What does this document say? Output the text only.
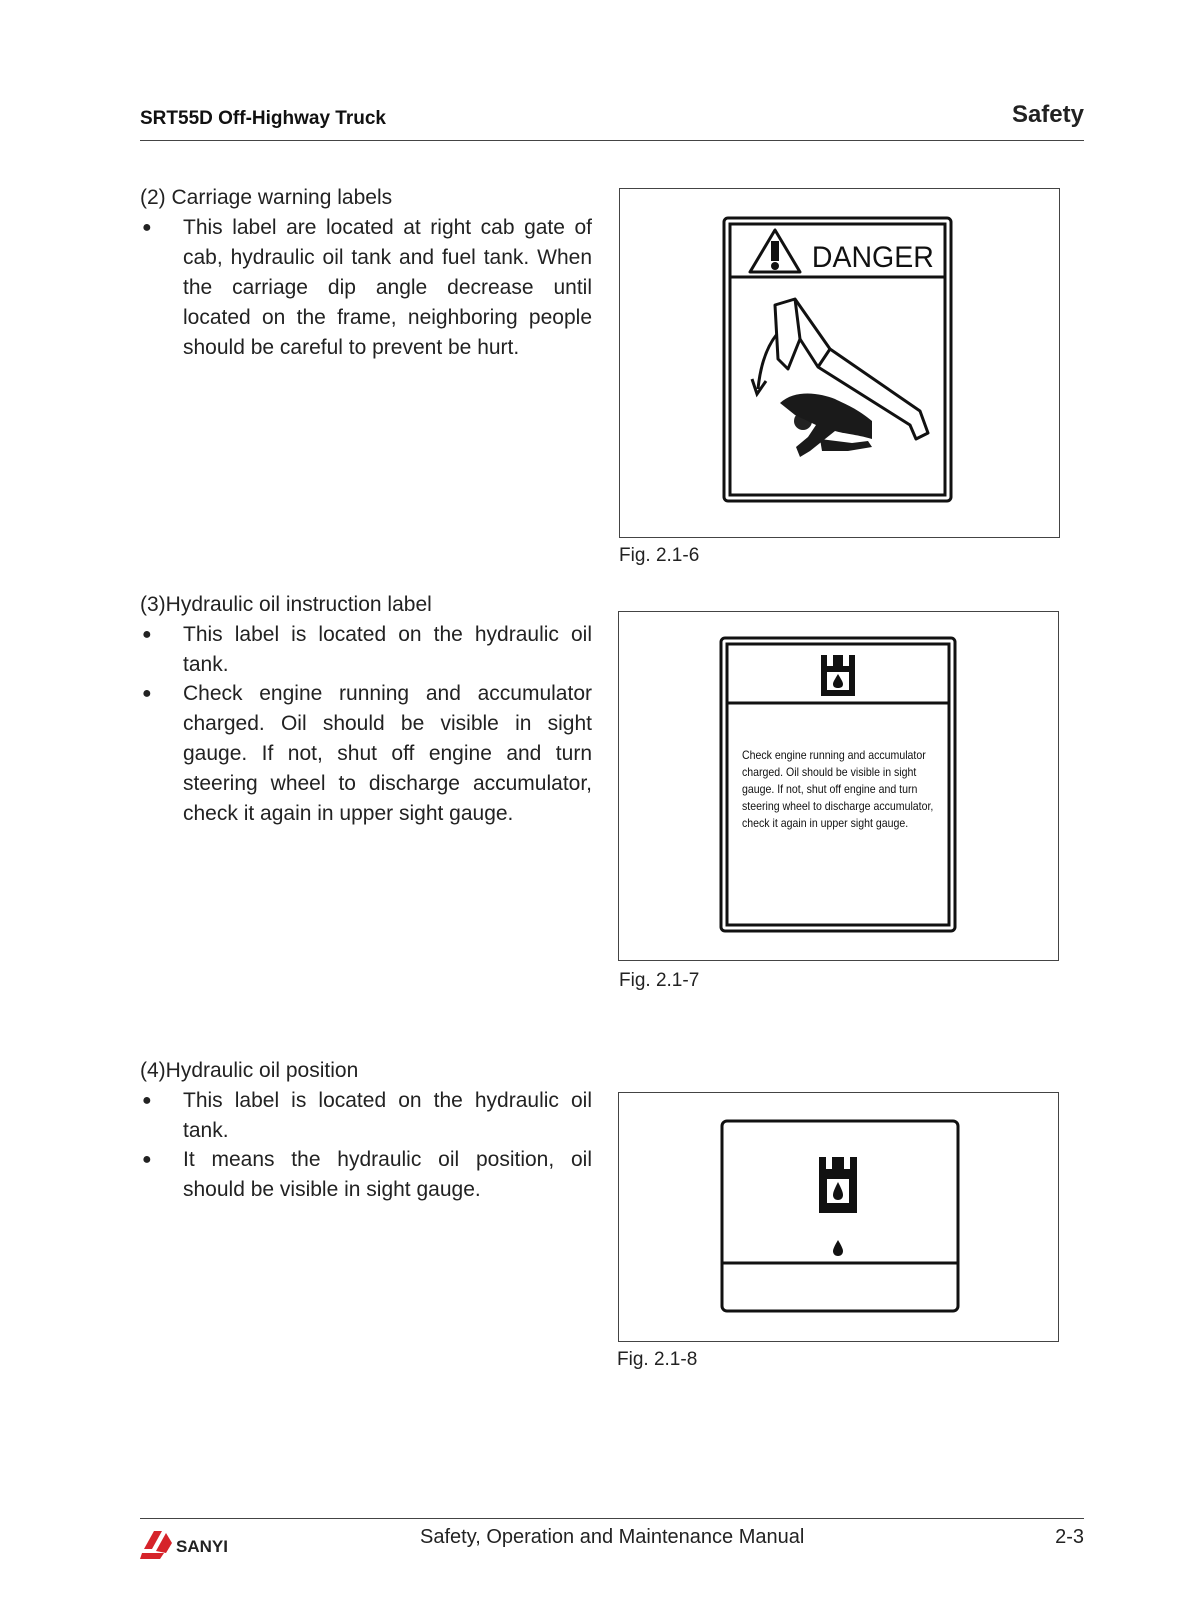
SRT55D Off-Highway Truck	Safety
(2) Carriage warning labels
● This label are located at right cab gate of cab, hydraulic oil tank and fuel tank. When the carriage dip angle decrease until located on the frame, neighboring people should be careful to prevent be hurt.
DANGER
Fig. 2.1-6
(3)Hydraulic oil instruction label
● This label is located on the hydraulic oil tank.
● Check engine running and accumulator charged. Oil should be visible in sight gauge. If not, shut off engine and turn steering wheel to discharge accumulator, check it again in upper sight gauge.
Check engine running and accumulator
charged. Oil should be visible in sight
gauge. If not, shut off engine and turn
steering wheel to discharge accumulator,
check it again in upper sight gauge.
Fig. 2.1-7
(4)Hydraulic oil position
● This label is located on the hydraulic oil tank.
● It means the hydraulic oil position, oil should be visible in sight gauge.
Fig. 2.1-8
SANYI	Safety, Operation and Maintenance Manual	2-3
